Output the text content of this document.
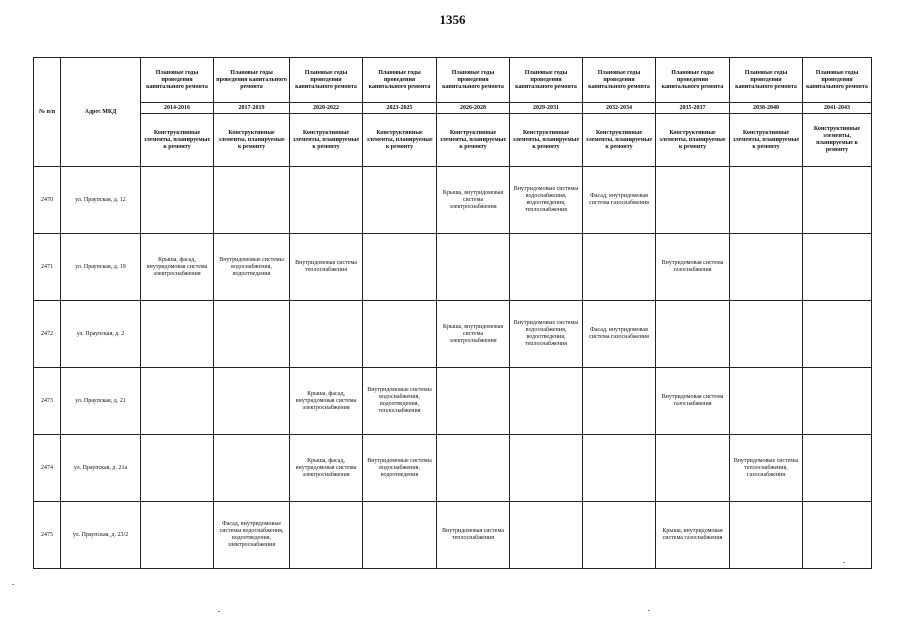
1356
№ п/п	Адрес МКД	Плановые годы проведения капитального ремонта	Плановые годы проведения капитального ремонта	Плановые годы проведения капитального ремонта	Плановые годы проведения капитального ремонта	Плановые годы проведения капитального ремонта	Плановые годы проведения капитального ремонта	Плановые годы проведения капитального ремонта	Плановые годы проведения капитального ремонта	Плановые годы проведения капитального ремонта	Плановые годы проведения капитального ремонта
		2014-2016	2017-2019	2020-2022	2023-2025	2026-2028	2029-2031	2032-2034	2035-2037	2038-2040	2041-2043
		Конструктивные элементы, планируемые к ремонту	Конструктивные элементы, планируемые к ремонту	Конструктивные элементы, планируемые к ремонту	Конструктивные элементы, планируемые к ремонту	Конструктивные элементы, планируемые к ремонту	Конструктивные элементы, планируемые к ремонту	Конструктивные элементы, планируемые к ремонту	Конструктивные элементы, планируемые к ремонту	Конструктивные элементы, планируемые к ремонту	Конструктивные элементы, планируемые к ремонту
2470	ул. Праупская, д. 12					Крыша, внутридомовая система электроснабжения	Внутридомовые системы водоснабжения, водоотведения, теплоснабжения	Фасад, внутридомовая система газоснабжения			
2471	ул. Праупская, д. 19	Крыша, фасад, внутридомовая система электроснабжения	Внутридомовые системы водоснабжения, водоотведения	Внутридомовая система теплоснабжения					Внутридомовая система газоснабжения		
2472	ул. Праупская, д. 2					Крыша, внутридомовая система электроснабжения	Внутридомовые системы водоснабжения, водоотведения, теплоснабжения	Фасад, внутридомовая система газоснабжения			
2473	ул. Праупская, д. 21			Крыша, фасад, внутридомовая система электроснабжения	Внутридомовые системы водоснабжения, водоотведения, теплоснабжения				Внутридомовая система газоснабжения		
2474	ул. Праупская, д. 21а			Крыша, фасад, внутридомовая система электроснабжения	Внутридомовые системы водоснабжения, водоотведения					Внутридомовые системы теплоснабжения, газоснабжения	
2475	ул. Праупская, д. 23/2		Фасад, внутридомовые системы водоснабжения, водоотведения, электроснабжения			Внутридомовая система теплоснабжения			Крыша, внутридомовая система газоснабжения		
